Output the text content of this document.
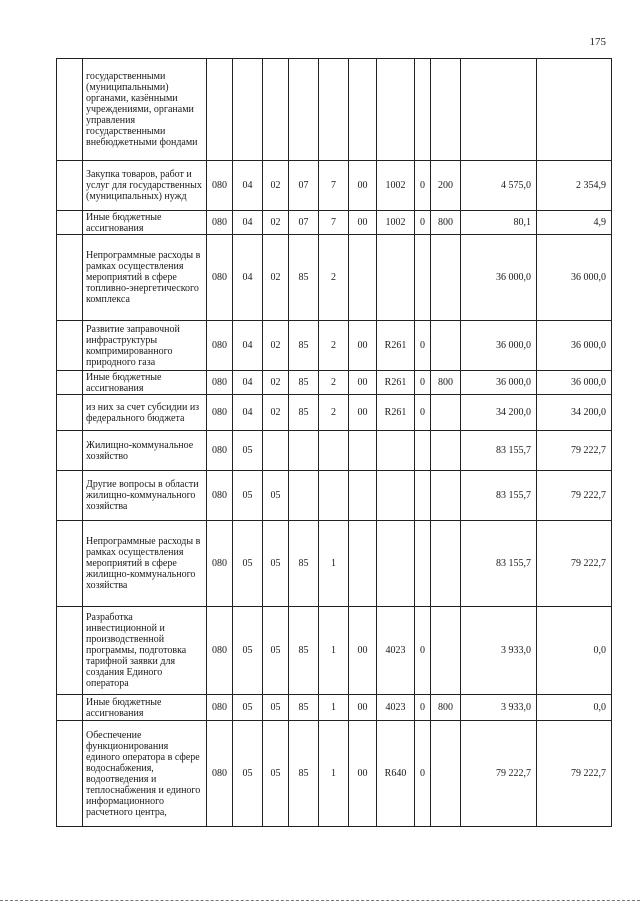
175
	государственными (муниципальными) органами, казёнными учреждениями, органами управления государственными внебюджетными фондами											
	Закупка товаров, работ и услуг для государственных (муниципальных) нужд	080	04	02	07	7	00	1002	0	200	4 575,0	2 354,9
	Иные бюджетные ассигнования	080	04	02	07	7	00	1002	0	800	80,1	4,9
	Непрограммные расходы в рамках осуществления мероприятий в сфере топливно-энергетического комплекса	080	04	02	85	2					36 000,0	36 000,0
	Развитие заправочной инфраструктуры компримированного природного газа	080	04	02	85	2	00	R261	0		36 000,0	36 000,0
	Иные бюджетные ассигнования	080	04	02	85	2	00	R261	0	800	36 000,0	36 000,0
	из них за счет субсидии из федерального бюджета	080	04	02	85	2	00	R261	0		34 200,0	34 200,0
	Жилищно-коммунальное хозяйство	080	05								83 155,7	79 222,7
	Другие вопросы в области жилищно-коммунального хозяйства	080	05	05							83 155,7	79 222,7
	Непрограммные расходы в рамках осуществления мероприятий в сфере жилищно-коммунального хозяйства	080	05	05	85	1					83 155,7	79 222,7
	Разработка инвестиционной и производственной программы, подготовка тарифной заявки для создания Единого оператора	080	05	05	85	1	00	4023	0		3 933,0	0,0
	Иные бюджетные ассигнования	080	05	05	85	1	00	4023	0	800	3 933,0	0,0
	Обеспечение функционирования единого оператора в сфере водоснабжения, водоотведения и теплоснабжения и единого информационного расчетного центра,	080	05	05	85	1	00	R640	0		79 222,7	79 222,7
